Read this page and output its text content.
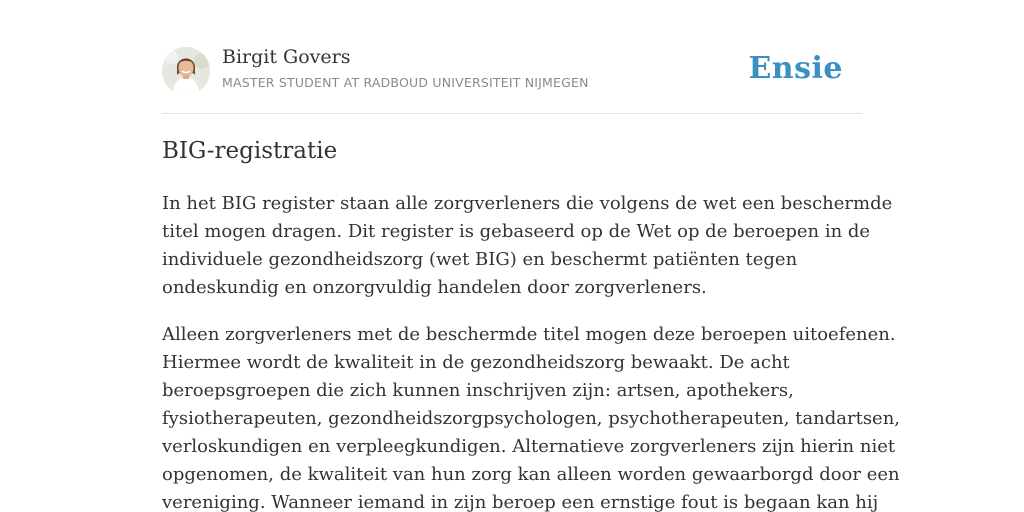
Birgit Govers
MASTER STUDENT AT RADBOUD UNIVERSITEIT NIJMEGEN	Ensie
BIG-registratie

In het BIG register staan alle zorgverleners die volgens de wet een beschermde
titel mogen dragen. Dit register is gebaseerd op de Wet op de beroepen in de
individuele gezondheidszorg (wet BIG) en beschermt patiënten tegen
ondeskundig en onzorgvuldig handelen door zorgverleners.

Alleen zorgverleners met de beschermde titel mogen deze beroepen uitoefenen.
Hiermee wordt de kwaliteit in de gezondheidszorg bewaakt. De acht
beroepsgroepen die zich kunnen inschrijven zijn: artsen, apothekers,
fysiotherapeuten, gezondheidszorgpsychologen, psychotherapeuten, tandartsen,
verloskundigen en verpleegkundigen. Alternatieve zorgverleners zijn hierin niet
opgenomen, de kwaliteit van hun zorg kan alleen worden gewaarborgd door een
vereniging. Wanneer iemand in zijn beroep een ernstige fout is begaan kan hij
